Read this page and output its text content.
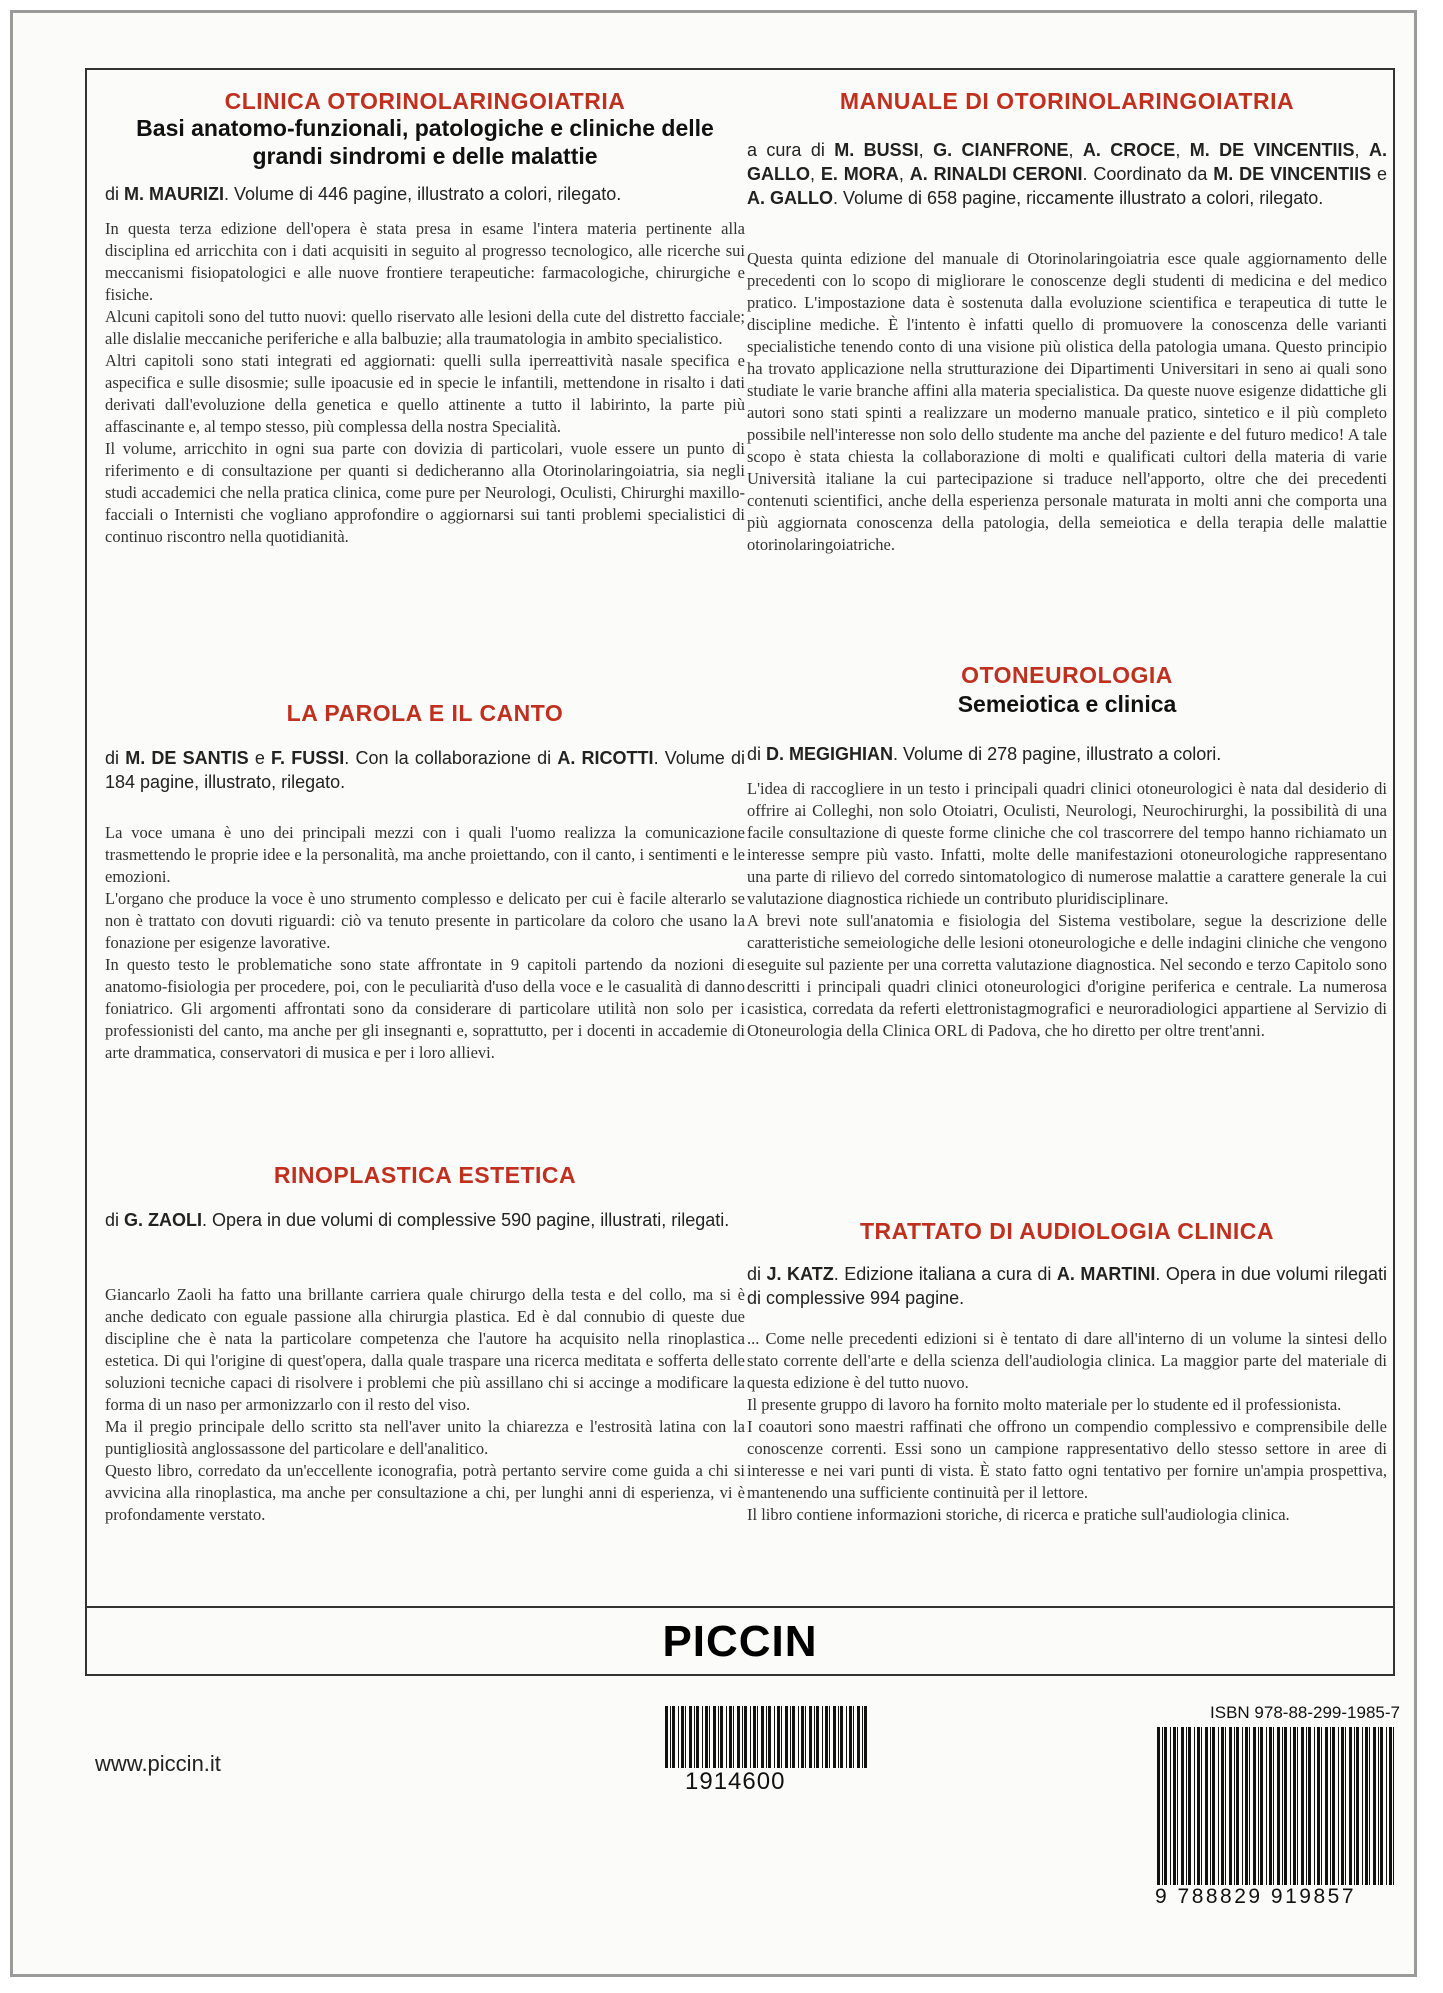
CLINICA OTORINOLARINGOIATRIA
Basi anatomo-funzionali, patologiche e cliniche delle grandi sindromi e delle malattie
di M. MAURIZI. Volume di 446 pagine, illustrato a colori, rilegato.

In questa terza edizione dell'opera è stata presa in esame l'intera materia pertinente alla disciplina ed arricchita con i dati acquisiti in seguito al progresso tecnologico, alle ricerche sui meccanismi fisiopatologici e alle nuove frontiere terapeutiche: farmacologiche, chirurgiche e fisiche.

Alcuni capitoli sono del tutto nuovi: quello riservato alle lesioni della cute del distretto facciale; alle dislalie meccaniche periferiche e alla balbuzie; alla traumatologia in ambito specialistico.

Altri capitoli sono stati integrati ed aggiornati: quelli sulla iperreattività nasale specifica e aspecifica e sulle disosmie; sulle ipoacusie ed in specie le infantili, mettendone in risalto i dati derivati dall'evoluzione della genetica e quello attinente a tutto il labirinto, la parte più affascinante e, al tempo stesso, più complessa della nostra Specialità.

Il volume, arricchito in ogni sua parte con dovizia di particolari, vuole essere un punto di riferimento e di consultazione per quanti si dedicheranno alla Otorinolaringoiatria, sia negli studi accademici che nella pratica clinica, come pure per Neurologi, Oculisti, Chirurghi maxillo-facciali o Internisti che vogliano approfondire o aggiornarsi sui tanti problemi specialistici di continuo riscontro nella quotidianità.

LA PAROLA E IL CANTO
di M. DE SANTIS e F. FUSSI. Con la collaborazione di A. RICOTTI. Volume di 184 pagine, illustrato, rilegato.

La voce umana è uno dei principali mezzi con i quali l'uomo realizza la comunicazione trasmettendo le proprie idee e la personalità, ma anche proiettando, con il canto, i sentimenti e le emozioni.

L'organo che produce la voce è uno strumento complesso e delicato per cui è facile alterarlo se non è trattato con dovuti riguardi: ciò va tenuto presente in particolare da coloro che usano la fonazione per esigenze lavorative.

In questo testo le problematiche sono state affrontate in 9 capitoli partendo da nozioni di anatomo-fisiologia per procedere, poi, con le peculiarità d'uso della voce e le casualità di danno foniatrico. Gli argomenti affrontati sono da considerare di particolare utilità non solo per i professionisti del canto, ma anche per gli insegnanti e, soprattutto, per i docenti in accademie di arte drammatica, conservatori di musica e per i loro allievi.

RINOPLASTICA ESTETICA
di G. ZAOLI. Opera in due volumi di complessive 590 pagine, illustrati, rilegati.

Giancarlo Zaoli ha fatto una brillante carriera quale chirurgo della testa e del collo, ma si è anche dedicato con eguale passione alla chirurgia plastica. Ed è dal connubio di queste due discipline che è nata la particolare competenza che l'autore ha acquisito nella rinoplastica estetica. Di qui l'origine di quest'opera, dalla quale traspare una ricerca meditata e sofferta delle soluzioni tecniche capaci di risolvere i problemi che più assillano chi si accinge a modificare la forma di un naso per armonizzarlo con il resto del viso.

Ma il pregio principale dello scritto sta nell'aver unito la chiarezza e l'estrosità latina con la puntigliosità anglossassone del particolare e dell'analitico.

Questo libro, corredato da un'eccellente iconografia, potrà pertanto servire come guida a chi si avvicina alla rinoplastica, ma anche per consultazione a chi, per lunghi anni di esperienza, vi è profondamente verstato.

MANUALE DI OTORINOLARINGOIATRIA
a cura di M. BUSSI, G. CIANFRONE, A. CROCE, M. DE VINCENTIIS, A. GALLO, E. MORA, A. RINALDI CERONI. Coordinato da M. DE VINCENTIIS e A. GALLO. Volume di 658 pagine, riccamente illustrato a colori, rilegato.

Questa quinta edizione del manuale di Otorinolaringoiatria esce quale aggiornamento delle precedenti con lo scopo di migliorare le conoscenze degli studenti di medicina e del medico pratico. L'impostazione data è sostenuta dalla evoluzione scientifica e terapeutica di tutte le discipline mediche. È l'intento è infatti quello di promuovere la conoscenza delle varianti specialistiche tenendo conto di una visione più olistica della patologia umana. Questo principio ha trovato applicazione nella strutturazione dei Dipartimenti Universitari in seno ai quali sono studiate le varie branche affini alla materia specialistica. Da queste nuove esigenze didattiche gli autori sono stati spinti a realizzare un moderno manuale pratico, sintetico e il più completo possibile nell'interesse non solo dello studente ma anche del paziente e del futuro medico! A tale scopo è stata chiesta la collaborazione di molti e qualificati cultori della materia di varie Università italiane la cui partecipazione si traduce nell'apporto, oltre che dei precedenti contenuti scientifici, anche della esperienza personale maturata in molti anni che comporta una più aggiornata conoscenza della patologia, della semeiotica e della terapia delle malattie otorinolaringoiatriche.

OTONEUROLOGIA
Semeiotica e clinica
di D. MEGIGHIAN. Volume di 278 pagine, illustrato a colori.

L'idea di raccogliere in un testo i principali quadri clinici otoneurologici è nata dal desiderio di offrire ai Colleghi, non solo Otoiatri, Oculisti, Neurologi, Neurochirurghi, la possibilità di una facile consultazione di queste forme cliniche che col trascorrere del tempo hanno richiamato un interesse sempre più vasto. Infatti, molte delle manifestazioni otoneurologiche rappresentano una parte di rilievo del corredo sintomatologico di numerose malattie a carattere generale la cui valutazione diagnostica richiede un contributo pluridisciplinare.

A brevi note sull'anatomia e fisiologia del Sistema vestibolare, segue la descrizione delle caratteristiche semeiologiche delle lesioni otoneurologiche e delle indagini cliniche che vengono eseguite sul paziente per una corretta valutazione diagnostica. Nel secondo e terzo Capitolo sono descritti i principali quadri clinici otoneurologici d'origine periferica e centrale. La numerosa casistica, corredata da referti elettronistagmografici e neuroradiologici appartiene al Servizio di Otoneurologia della Clinica ORL di Padova, che ho diretto per oltre trent'anni.

TRATTATO DI AUDIOLOGIA CLINICA
di J. KATZ. Edizione italiana a cura di A. MARTINI. Opera in due volumi rilegati di complessive 994 pagine.

... Come nelle precedenti edizioni si è tentato di dare all'interno di un volume la sintesi dello stato corrente dell'arte e della scienza dell'audiologia clinica. La maggior parte del materiale di questa edizione è del tutto nuovo.

Il presente gruppo di lavoro ha fornito molto materiale per lo studente ed il professionista.

I coautori sono maestri raffinati che offrono un compendio complessivo e comprensibile delle conoscenze correnti. Essi sono un campione rappresentativo dello stesso settore in aree di interesse e nei vari punti di vista. È stato fatto ogni tentativo per fornire un'ampia prospettiva, mantenendo una sufficiente continuità per il lettore.

Il libro contiene informazioni storiche, di ricerca e pratiche sull'audiologia clinica.

PICCIN
www.piccin.it
1914600
ISBN 978-88-299-1985-7
9 788829 919857
